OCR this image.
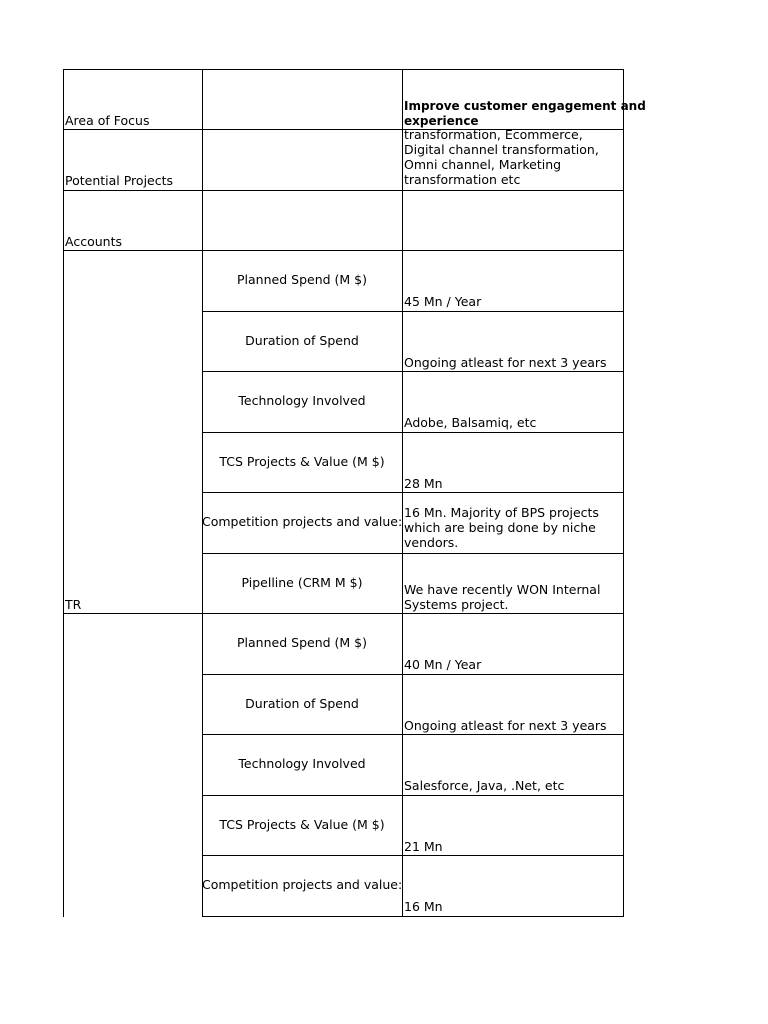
Area of Focus
Improve customer engagement and
experience
Potential Projects
transformation, Ecommerce, Digital channel transformation, Omni channel, Marketing transformation etc
Accounts
TR
Planned Spend (M $)
45 Mn / Year
Duration of Spend
Ongoing atleast for next 3 years
Technology Involved
Adobe, Balsamiq, etc
TCS Projects & Value (M $)
28 Mn
Competition projects and value:
16 Mn. Majority of BPS projects which are being done by niche vendors.
Pipelline (CRM M $)	We have recently WON Internal Systems project.
Planned Spend (M $)
40 Mn / Year
Duration of Spend
Ongoing atleast for next 3 years
Technology Involved
Salesforce, Java, .Net, etc
TCS Projects & Value (M $)
21 Mn
Competition projects and value:
16 Mn
